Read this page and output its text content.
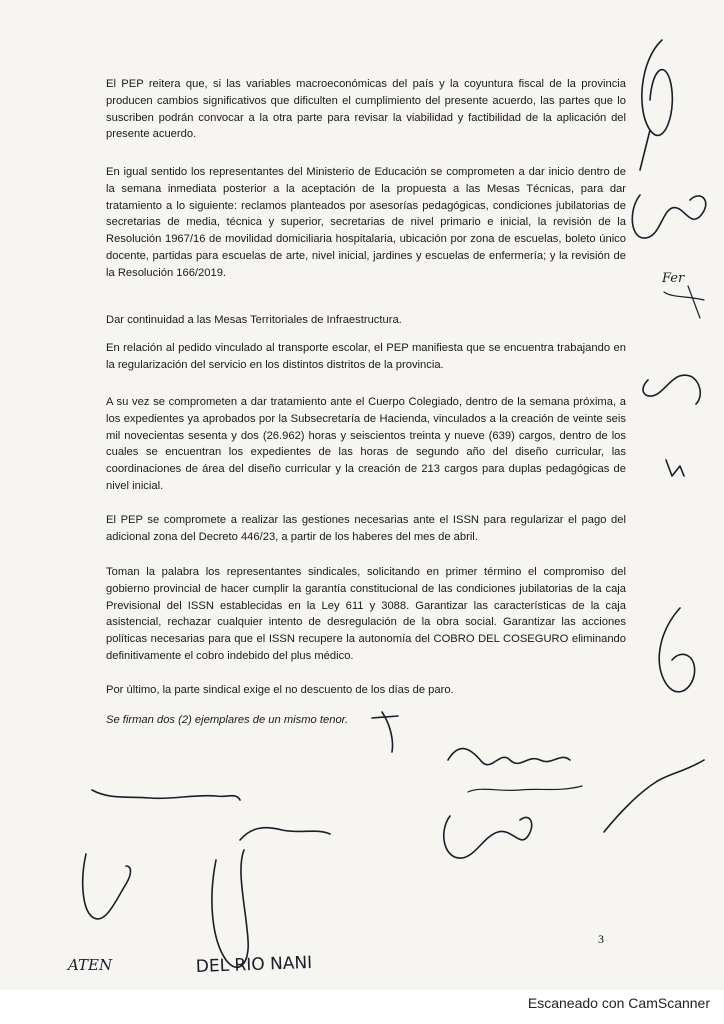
El PEP reitera que, si las variables macroeconómicas del país y la coyuntura fiscal de la provincia producen cambios significativos que dificulten el cumplimiento del presente acuerdo, las partes que lo suscriben podrán convocar a la otra parte para revisar la viabilidad y factibilidad de la aplicación del presente acuerdo.

En igual sentido los representantes del Ministerio de Educación se comprometen a dar inicio dentro de la semana inmediata posterior a la aceptación de la propuesta a las Mesas Técnicas, para dar tratamiento a lo siguiente: reclamos planteados por asesorías pedagógicas, condiciones jubilatorias de secretarias de media, técnica y superior, secretarias de nivel primario e inicial, la revisión de la Resolución 1967/16 de movilidad domiciliaria hospitalaria, ubicación por zona de escuelas, boleto único docente, partidas para escuelas de arte, nivel inicial, jardines y escuelas de enfermería; y la revisión de la Resolución 166/2019.

Dar continuidad a las Mesas Territoriales de Infraestructura.

En relación al pedido vinculado al transporte escolar, el PEP manifiesta que se encuentra trabajando en la regularización del servicio en los distintos distritos de la provincia.

A su vez se comprometen a dar tratamiento ante el Cuerpo Colegiado, dentro de la semana próxima, a los expedientes ya aprobados por la Subsecretaría de Hacienda, vinculados a la creación de veinte seis mil novecientas sesenta y dos (26.962) horas y seiscientos treinta y nueve (639) cargos, dentro de los cuales se encuentran los expedientes de las horas de segundo año del diseño curricular, las coordinaciones de área del diseño curricular y la creación de 213 cargos para duplas pedagógicas de nivel inicial.

El PEP se compromete a realizar las gestiones necesarias ante el ISSN para regularizar el pago del adicional zona del Decreto 446/23, a partir de los haberes del mes de abril.

Toman la palabra los representantes sindicales, solicitando en primer término el compromiso del gobierno provincial de hacer cumplir la garantía constitucional de las condiciones jubilatorias de la caja Previsional del ISSN establecidas en la Ley 611 y 3088. Garantizar las características de la caja asistencial, rechazar cualquier intento de desregulación de la obra social. Garantizar las acciones políticas necesarias para que el ISSN recupere la autonomía del COBRO DEL COSEGURO eliminando definitivamente el cobro indebido del plus médico.

Por último, la parte sindical exige el no descuento de los días de paro.

Se firman dos (2) ejemplares de un mismo tenor.

Fer
ATEN	DEL RIO NANI
3
Escaneado con CamScanner
